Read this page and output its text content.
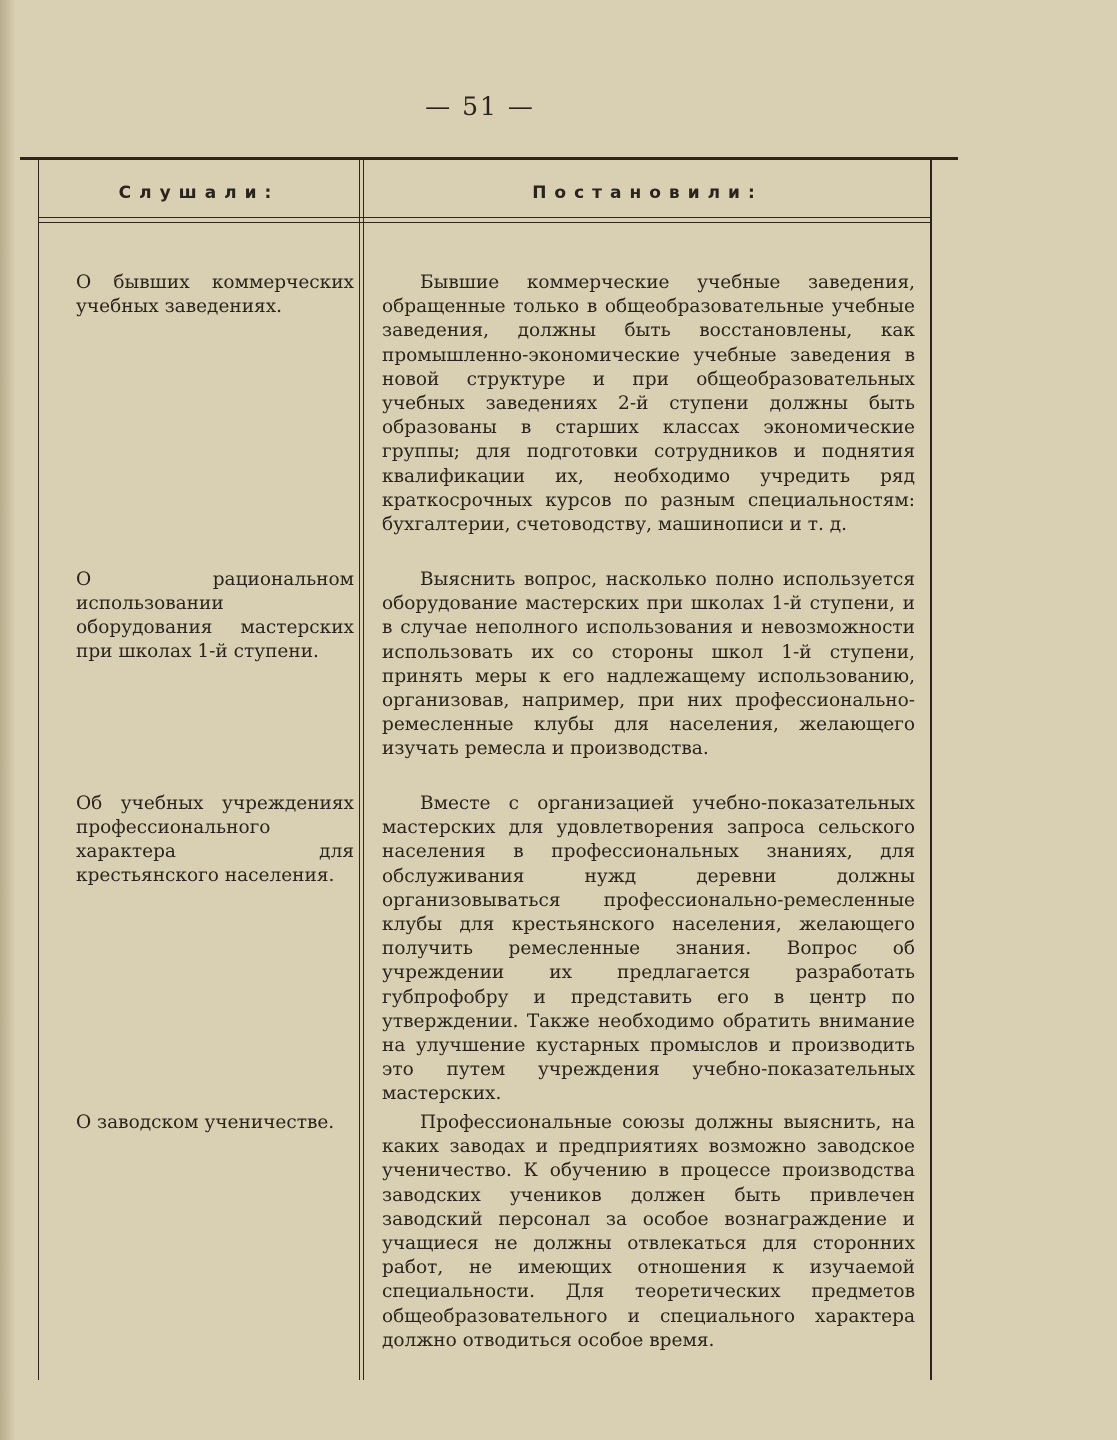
— 51 —
Слушали:	Постановили:
О бывших коммерческих учебных заведениях.
Бывшие коммерческие учебные заведения, обращенные только в общеобразовательные учебные заведения, должны быть восстановлены, как промышленно-экономические учебные заведения в новой структуре и при общеобразовательных учебных заведениях 2-й ступени должны быть образованы в старших классах экономические группы; для подготовки сотрудников и поднятия квалификации их, необходимо учредить ряд краткосрочных курсов по разным специальностям: бухгалтерии, счетоводству, машинописи и т. д.
О рациональном использовании оборудования мастерских при школах 1-й ступени.
Выяснить вопрос, насколько полно используется оборудование мастерских при школах 1-й ступени, и в случае неполного использования и невозможности использовать их со стороны школ 1-й ступени, принять меры к его надлежащему использованию, организовав, например, при них профессионально-ремесленные клубы для населения, желающего изучать ремесла и производства.
Об учебных учреждениях профессионального характера для крестьянского населения.
Вместе с организацией учебно-показательных мастерских для удовлетворения запроса сельского населения в профессиональных знаниях, для обслуживания нужд деревни должны организовываться профессионально-ремесленные клубы для крестьянского населения, желающего получить ремесленные знания. Вопрос об учреждении их предлагается разработать губпрофобру и представить его в центр по утверждении. Также необходимо обратить внимание на улучшение кустарных промыслов и производить это путем учреждения учебно-показательных мастерских.
О заводском ученичестве.	Профессиональные союзы должны выяснить, на каких заводах и предприятиях возможно заводское ученичество. К обучению в процессе производства заводских учеников должен быть привлечен заводский персонал за особое вознаграждение и учащиеся не должны отвлекаться для сторонних работ, не имеющих отношения к изучаемой специальности. Для теоретических предметов общеобразовательного и специального характера должно отводиться особое время.
